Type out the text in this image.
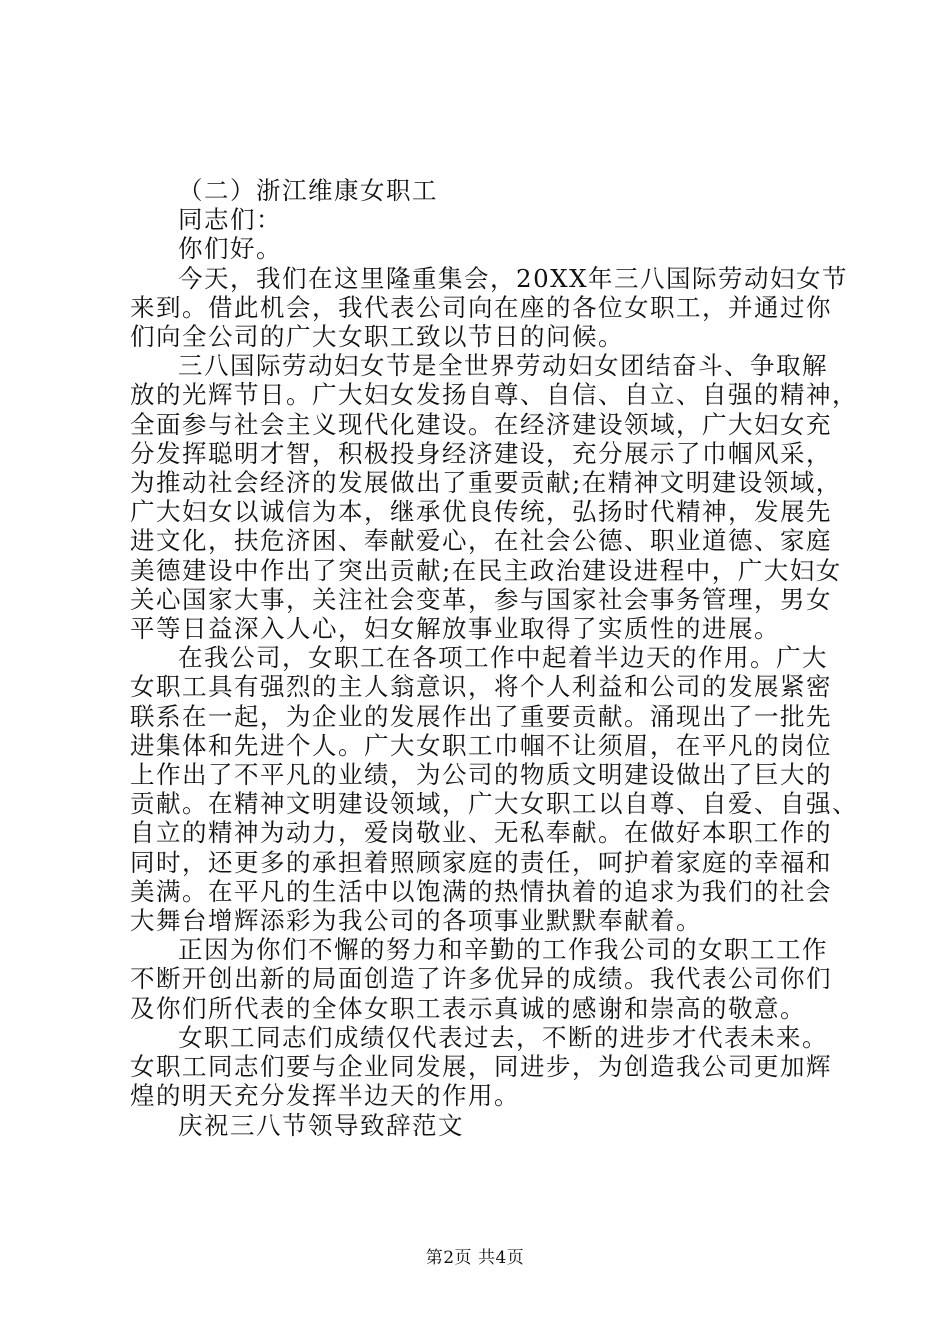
（二）浙江维康女职工
同志们：
你们好。
今天，我们在这里隆重集会，20XX年三八国际劳动妇女节
来到。借此机会，我代表公司向在座的各位女职工，并通过你
们向全公司的广大女职工致以节日的问候。
三八国际劳动妇女节是全世界劳动妇女团结奋斗、争取解
放的光辉节日。广大妇女发扬自尊、自信、自立、自强的精神，
全面参与社会主义现代化建设。在经济建设领域，广大妇女充
分发挥聪明才智，积极投身经济建设，充分展示了巾帼风采，
为推动社会经济的发展做出了重要贡献;在精神文明建设领域，
广大妇女以诚信为本，继承优良传统，弘扬时代精神，发展先
进文化，扶危济困、奉献爱心，在社会公德、职业道德、家庭
美德建设中作出了突出贡献;在民主政治建设进程中，广大妇女
关心国家大事，关注社会变革，参与国家社会事务管理，男女
平等日益深入人心，妇女解放事业取得了实质性的进展。
在我公司，女职工在各项工作中起着半边天的作用。广大
女职工具有强烈的主人翁意识，将个人利益和公司的发展紧密
联系在一起，为企业的发展作出了重要贡献。涌现出了一批先
进集体和先进个人。广大女职工巾帼不让须眉，在平凡的岗位
上作出了不平凡的业绩，为公司的物质文明建设做出了巨大的
贡献。在精神文明建设领域，广大女职工以自尊、自爱、自强、
自立的精神为动力，爱岗敬业、无私奉献。在做好本职工作的
同时，还更多的承担着照顾家庭的责任，呵护着家庭的幸福和
美满。在平凡的生活中以饱满的热情执着的追求为我们的社会
大舞台增辉添彩为我公司的各项事业默默奉献着。
正因为你们不懈的努力和辛勤的工作我公司的女职工工作
不断开创出新的局面创造了许多优异的成绩。我代表公司你们
及你们所代表的全体女职工表示真诚的感谢和崇高的敬意。
女职工同志们成绩仅代表过去，不断的进步才代表未来。
女职工同志们要与企业同发展，同进步，为创造我公司更加辉
煌的明天充分发挥半边天的作用。
庆祝三八节领导致辞范文
第2页 共4页
